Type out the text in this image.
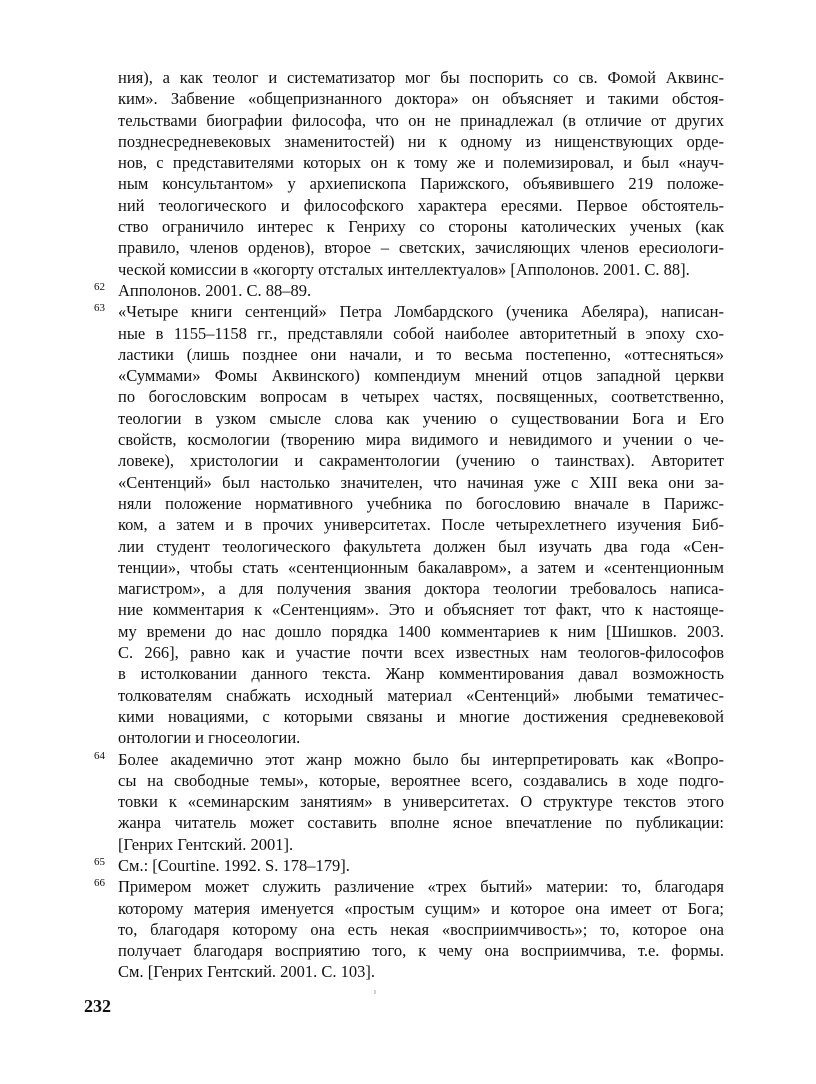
ния), а как теолог и систематизатор мог бы поспорить со св. Фомой Аквинс-
ким». Забвение «общепризнанного доктора» он объясняет и такими обстоя-
тельствами биографии философа, что он не принадлежал (в отличие от других
позднесредневековых знаменитостей) ни к одному из нищенствующих орде-
нов, с представителями которых он к тому же и полемизировал, и был «науч-
ным консультантом» у архиепископа Парижского, объявившего 219 положе-
ний теологического и философского характера ересями. Первое обстоятель-
ство ограничило интерес к Генриху со стороны католических ученых (как
правило, членов орденов), второе – светских, зачисляющих членов ересиологи-
ческой комиссии в «когорту отсталых интеллектуалов» [Апполонов. 2001. С. 88].
62 Апполонов. 2001. С. 88–89.
63 «Четыре книги сентенций» Петра Ломбардского (ученика Абеляра), написан-
ные в 1155–1158 гг., представляли собой наиболее авторитетный в эпоху схо-
ластики (лишь позднее они начали, и то весьма постепенно, «оттесняться»
«Суммами» Фомы Аквинского) компендиум мнений отцов западной церкви
по богословским вопросам в четырех частях, посвященных, соответственно,
теологии в узком смысле слова как учению о существовании Бога и Его
свойств, космологии (творению мира видимого и невидимого и учении о че-
ловеке), христологии и сакраментологии (учению о таинствах). Авторитет
«Сентенций» был настолько значителен, что начиная уже с XIII века они за-
няли положение нормативного учебника по богословию вначале в Парижс-
ком, а затем и в прочих университетах. После четырехлетнего изучения Биб-
лии студент теологического факультета должен был изучать два года «Сен-
тенции», чтобы стать «сентенционным бакалавром», а затем и «сентенционным
магистром», а для получения звания доктора теологии требовалось написа-
ние комментария к «Сентенциям». Это и объясняет тот факт, что к настояще-
му времени до нас дошло порядка 1400 комментариев к ним [Шишков. 2003.
С. 266], равно как и участие почти всех известных нам теологов-философов
в истолковании данного текста. Жанр комментирования давал возможность
толкователям снабжать исходный материал «Сентенций» любыми тематичес-
кими новациями, с которыми связаны и многие достижения средневековой
онтологии и гносеологии.
64 Более академично этот жанр можно было бы интерпретировать как «Вопро-
сы на свободные темы», которые, вероятнее всего, создавались в ходе подго-
товки к «семинарским занятиям» в университетах. О структуре текстов этого
жанра читатель может составить вполне ясное впечатление по публикации:
[Генрих Гентский. 2001].
65 См.: [Courtine. 1992. S. 178–179].
66 Примером может служить различение «трех бытий» материи: то, благодаря
которому материя именуется «простым сущим» и которое она имеет от Бога;
то, благодаря которому она есть некая «восприимчивость»; то, которое она
получает благодаря восприятию того, к чему она восприимчива, т.е. формы.
См. [Генрих Гентский. 2001. С. 103].
232
